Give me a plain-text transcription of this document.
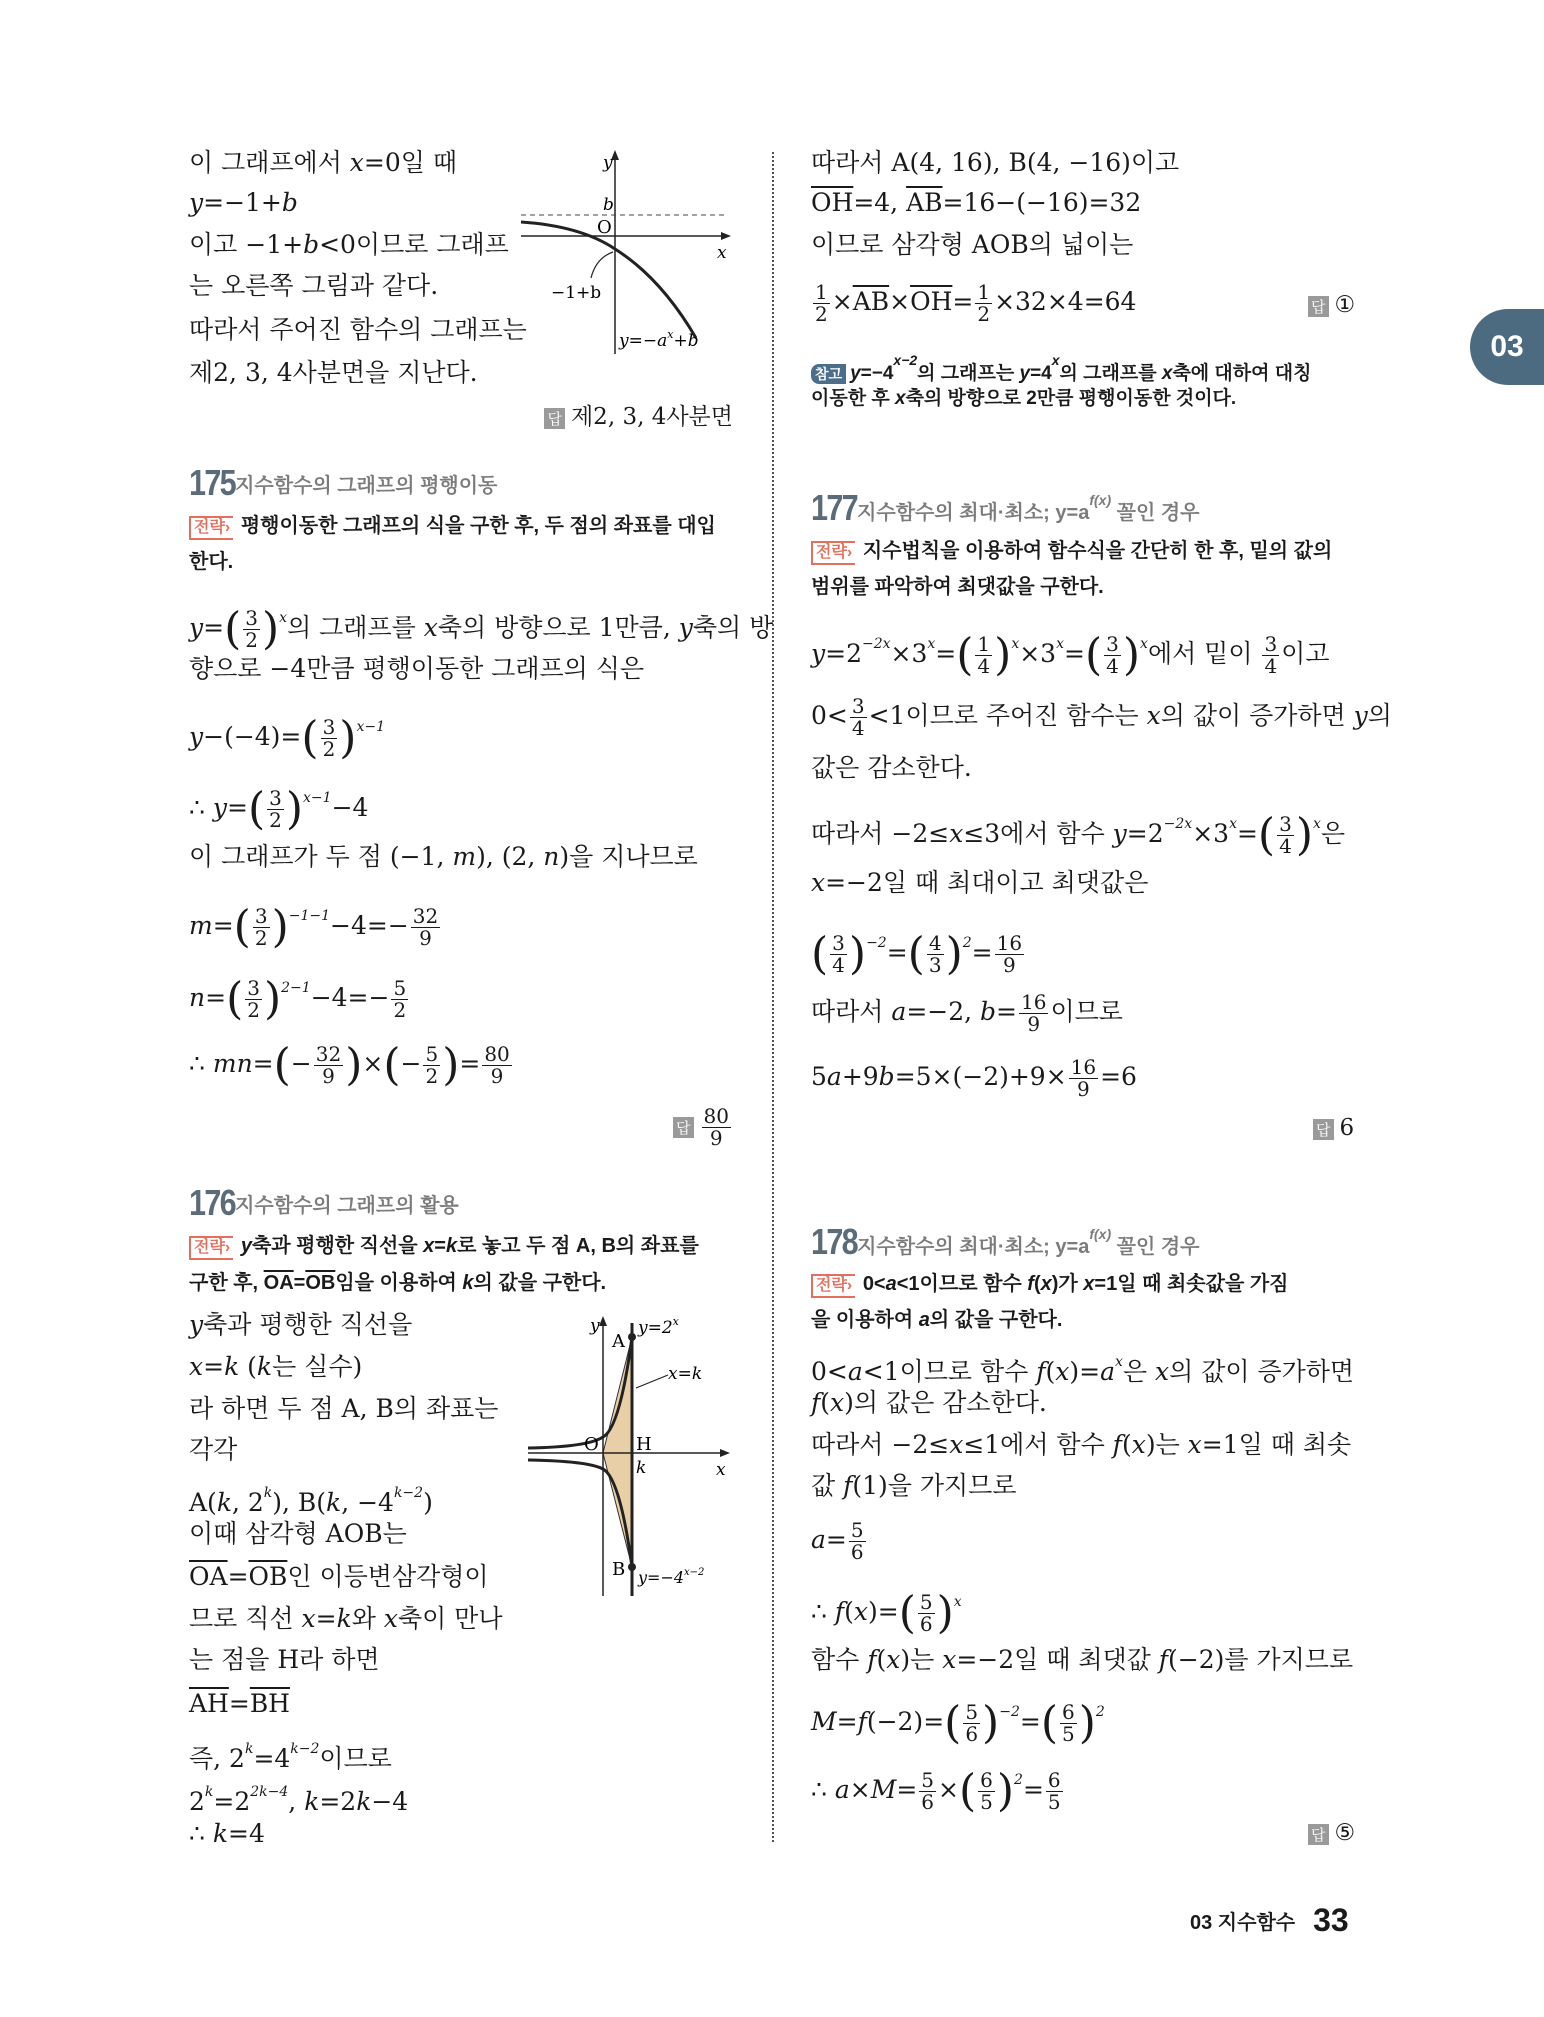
03
이 그래프에서 x=0일 때
y=−1+b
이고 −1+b<0이므로 그래프
는 오른쪽 그림과 같다.
따라서 주어진 함수의 그래프는
제2, 3, 4사분면을 지난다.
답 제2, 3, 4사분면
y
b
O
x
−1+b
$y=-a^x+b$
175지수함수의 그래프의 평행이동
전략 › 평행이동한 그래프의 식을 구한 후, 두 점의 좌표를 대입
한다.
$y=( \frac{3}{2} )^x$의 그래프를 x축의 방향으로 1만큼, y축의 방
향으로 −4만큼 평행이동한 그래프의 식은
$y-(-4)=( \frac{3}{2} )^{x-1}$
∴ $y=( \frac{3}{2} )^{x-1}-4$
이 그래프가 두 점 (−1, m), (2, n)을 지나므로
$m=( \frac{3}{2} )^{-1-1}-4=- \frac{32}{9}$
$n=( \frac{3}{2} )^{2-1}-4=- \frac{5}{2}$
∴ $mn=(- \frac{32}{9}$ )×(− $\frac{5}{2}$ )= $\frac{80}{9}$
답 $\frac{80}{9}$
176지수함수의 그래프의 활용
전략 › y축과 평행한 직선을 x=k로 놓고 두 점 A, B의 좌표를
구한 후, $\overline{OA}=\overline{OB}$임을 이용하여 k의 값을 구한다.
y축과 평행한 직선을
x=k (k는 실수)
라 하면 두 점 A, B의 좌표는
각각
A(k, 2$^k$), B(k, $-4^{k-2}$)
이때 삼각형 AOB는
$\overline{OA}=\overline{OB}$인 이등변삼각형이
므로 직선 x=k와 x축이 만나
는 점을 H라 하면
$\overline{AH}=\overline{BH}$
즉, $2^k=4^{k-2}$이므로
$2^k=2^{2k-4}$, k=2k−4
∴ k=4
y
A
$y=2^x$
x=k
O H
k	x
B $y=-4^{x-2}$
따라서 A(4, 16), B(4, −16)이고
$\overline{OH}=4$, $\overline{AB}=16-(-16)=32$
이므로 삼각형 AOB의 넓이는
$\frac{1}{2} \times\overline{AB}\times\overline{OH}= \frac{1}{2} \times 32\times 4=64$	답 ①
참고 $y=-4^{x-2}$의 그래프는 $y=4^x$의 그래프를 x축에 대하여 대칭
이동한 후 x축의 방향으로 2만큼 평행이동한 것이다.
177지수함수의 최대·최소; $y=a^{f(x)}$ 꼴인 경우
전략 › 지수법칙을 이용하여 함수식을 간단히 한 후, 밑의 값의
범위를 파악하여 최댓값을 구한다.
$y=2^{-2x}\times 3^x=( \frac{1}{4} )^x\times 3^x=( \frac{3}{4} )^x$에서 밑이 $\frac{3}{4}$ 이고
$0< \frac{3}{4} <1$이므로 주어진 함수는 x의 값이 증가하면 y의
값은 감소한다.
따라서 −2≤x≤3에서 함수 $y=2^{-2x}\times 3^x=( \frac{3}{4} )^x$은
x=−2일 때 최대이고 최댓값은
( $\frac{3}{4} )^{-2}=( \frac{4}{3} )^2= \frac{16}{9}$
따라서 a=−2, $b= \frac{16}{9}$ 이므로
$5a+9b=5\times(-2)+9\times \frac{16}{9} =6$
답 6
178지수함수의 최대·최소; $y=a^{f(x)}$ 꼴인 경우
전략 › 0<a<1이므로 함수 f(x)가 x=1일 때 최솟값을 가짐
을 이용하여 a의 값을 구한다.
0<a<1이므로 함수 $f(x)=a^x$은 x의 값이 증가하면
f(x)의 값은 감소한다.
따라서 −2≤x≤1에서 함수 f(x)는 x=1일 때 최솟
값 f(1)을 가지므로
$a= \frac{5}{6}$
∴ $f(x)=( \frac{5}{6} )^x$
함수 f(x)는 x=−2일 때 최댓값 f(−2)를 가지므로
$M=f(-2)=( \frac{5}{6} )^{-2}=( \frac{6}{5} )^2$
∴ $a\times M= \frac{5}{6}$ ×( $\frac{6}{5} )^2= \frac{6}{5}$
답 ⑤
03 지수함수 33
